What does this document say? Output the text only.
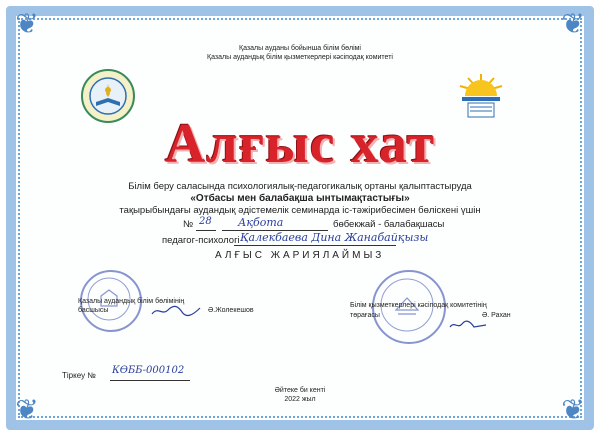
❦	❦
❦	❦
Қазалы ауданы бойынша білім бөлімі
Қазалы аудандық білім қызметкерлері кәсіподақ комитеті
Алғыс хат
Білім беру саласында психологиялық-педагогикалық ортаны қалыптастыруда
«Отбасы мен балабақша ынтымақтастығы»
тақырыбындағы аудандық әдістемелік семинарда іс-тәжірибесімен бөліскені үшін
№ 28 Ақбота	бөбекжай - балабақшасы
педагог-психологі Қалекбаева Дина Жанабайқызы
АЛҒЫС ЖАРИЯЛАЙМЫЗ
Қазалы аудандық білім бөлімінің
басшысы	Ә.Жолекешов
Білім қызметкерлері кәсіподақ комитетінің
төрағасы	Ә. Рахан
Тіркеу № КӨББ-000102
Әйтеке би кенті
2022 жыл
